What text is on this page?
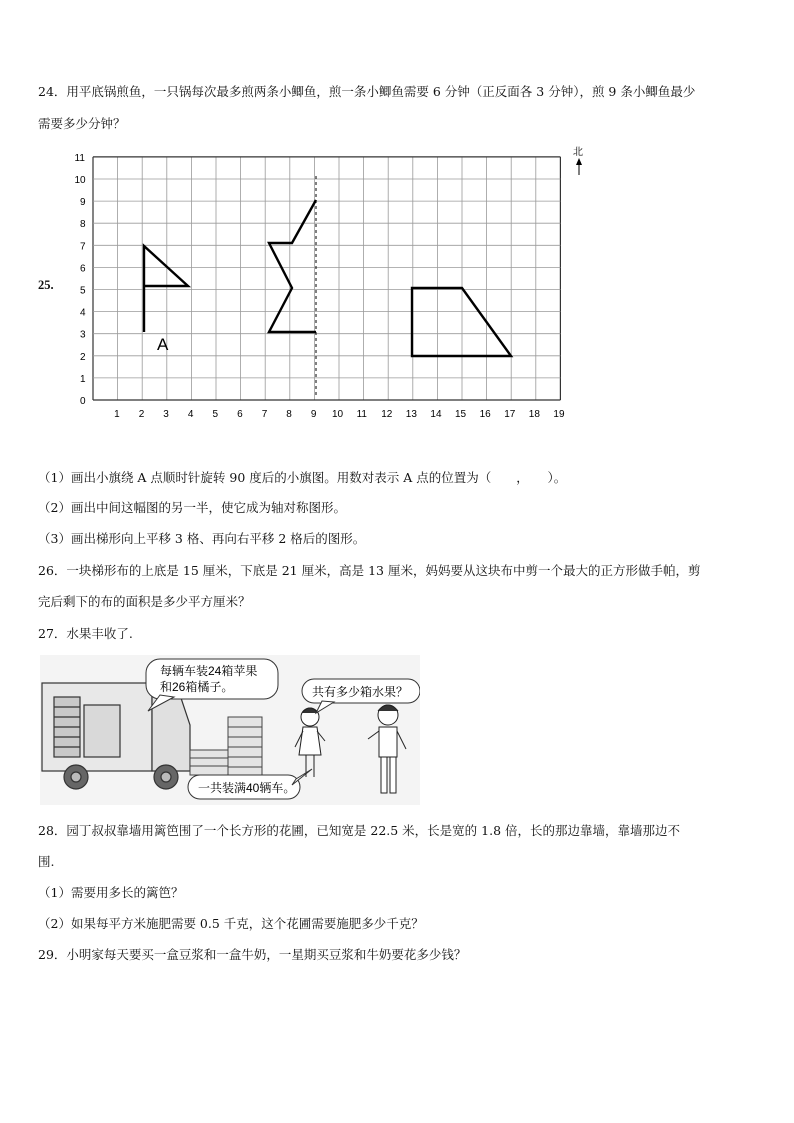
24．用平底锅煎鱼，一只锅每次最多煎两条小鲫鱼，煎一条小鲫鱼需要 6 分钟（正反面各 3 分钟），煎 9 条小鲫鱼最少
需要多少分钟？
25.
1 2 3 4 5 6 7 8 9 10 11 12 13 14 15 16 17 18 19
0
1
2
3
4
5
6
7
8
9
10
11
A
北
（1）画出小旗绕 A 点顺时针旋转 90 度后的小旗图。用数对表示 A 点的位置为（　　，　　）。
（2）画出中间这幅图的另一半，使它成为轴对称图形。
（3）画出梯形向上平移 3 格、再向右平移 2 格后的图形。
26．一块梯形布的上底是 15 厘米，下底是 21 厘米，高是 13 厘米，妈妈要从这块布中剪一个最大的正方形做手帕，剪
完后剩下的布的面积是多少平方厘米？
27．水果丰收了.
每辆车装24箱苹果
和26箱橘子。	共有多少箱水果？
一共装满40辆车。
28．园丁叔叔靠墙用篱笆围了一个长方形的花圃，已知宽是 22.5 米，长是宽的 1.8 倍，长的那边靠墙，靠墙那边不
围.
（1）需要用多长的篱笆？
（2）如果每平方米施肥需要 0.5 千克，这个花圃需要施肥多少千克？
29．小明家每天要买一盒豆浆和一盒牛奶，一星期买豆浆和牛奶要花多少钱？
